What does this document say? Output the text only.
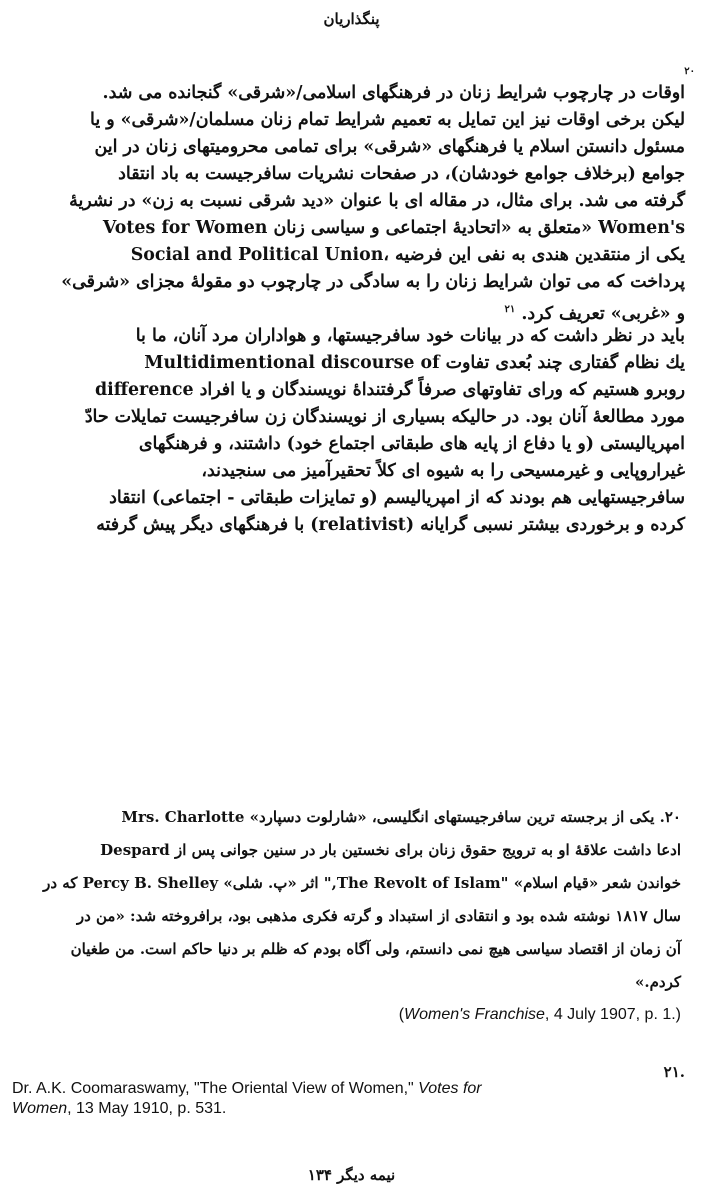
پنگذاریان
۲۰
اوقات در چارچوب شرایط زنان در فرهنگهای اسلامی/«شرقی» گنجانده می شد.
لیکن برخی اوقات نیز این تمایل به تعمیم شرایط تمام زنان مسلمان/«شرقی» و یا
مسئول دانستن اسلام یا فرهنگهای «شرقی» برای تمامی محرومیتهای زنان در این
جوامع (برخلاف جوامع خودشان)، در صفحات نشریات سافرجیست به باد انتقاد
گرفته می شد. برای مثال، در مقاله ای با عنوان «دید شرقی نسبت به زن» در نشریهٔ
Votes for Women متعلق به «اتحادیهٔ اجتماعی و سیاسی زنان» Women's
Social and Political Union، یکی از منتقدین هندی به نفی این فرضیه
پرداخت که می توان شرایط زنان را به سادگی در چارچوب دو مقولهٔ مجزای «شرقی»
و «غربی» تعریف کرد. $^{۲۱}$
باید در نظر داشت که در بیانات خود سافرجیستها، و هواداران مرد آنان، ما با
یك نظام گفتاری چند بُعدی تفاوت Multidimentional discourse of
difference روبرو هستیم که ورای تفاوتهای صرفاً گرفتنداهٔ نویسندگان و یا افراد
مورد مطالعهٔ آنان بود. در حالیکه بسیاری از نویسندگان زن سافرجیست تمایلات حادّ
امپریالیستی (و یا دفاع از پایه های طبقاتی اجتماع خود) داشتند، و فرهنگهای
غیراروپایی و غیرمسیحی را به شیوه ای کلاً تحقیرآمیز می سنجیدند،
سافرجیستهایی هم بودند که از امپریالیسم (و تمایزات طبقاتی - اجتماعی) انتقاد
کرده و برخوردی بیشتر نسبی گرایانه (relativist) با فرهنگهای دیگر پیش گرفته
۲۰. یکی از برجسته ترین سافرجیستهای انگلیسی، «شارلوت دسپارد» Mrs. Charlotte
Despard ادعا داشت علاقهٔ او به ترویج حقوق زنان برای نخستین بار در سنین جوانی پس از
خواندن شعر «قیام اسلام» "The Revolt of Islam," اثر «پ. شلی» Percy B. Shelley که در
سال ۱۸۱۷ نوشته شده بود و انتقادی از استبداد و گرته فکری مذهبی بود، برافروخته شد: «من در
آن زمان از اقتصاد سیاسی هیچ نمی دانستم، ولی آگاه بودم که ظلم بر دنیا حاکم است. من طغیان
کردم.»
(Women's Franchise, 4 July 1907, p. 1.)
۲۱.
Dr. A.K. Coomaraswamy, "The Oriental View of Women," Votes for
Women, 13 May 1910, p. 531.
نیمه دیگر ۱۳۴
